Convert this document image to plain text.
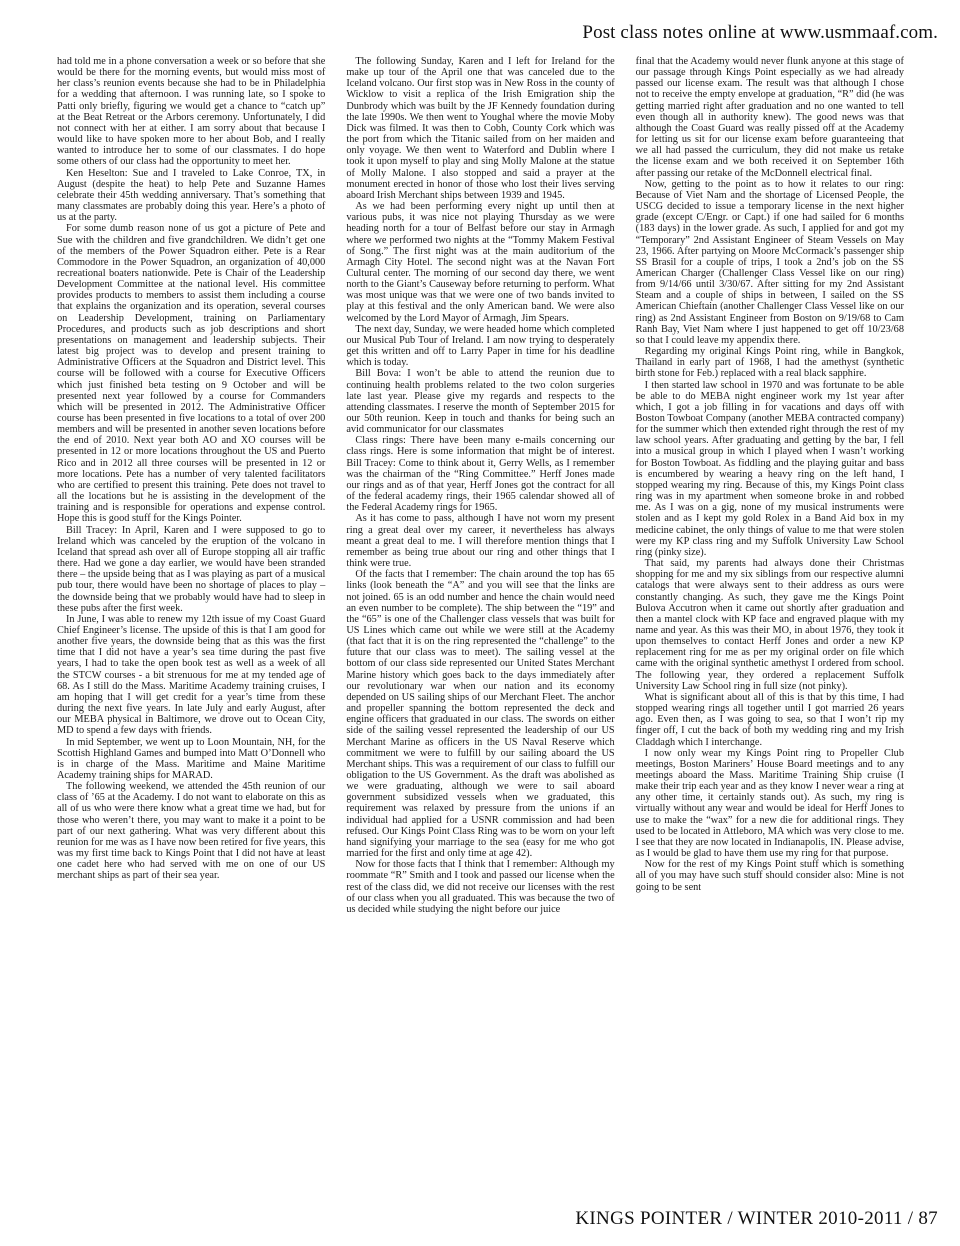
Post class notes online at www.usmmaaf.com.

had told me in a phone conversation a week or so before that she would be there for the morning events, but would miss most of her class’s reunion events because she had to be in Philadelphia for a wedding that afternoon. I was running late, so I spoke to Patti only briefly, figuring we would get a chance to “catch up” at the Beat Retreat or the Arbors ceremony. Unfortunately, I did not connect with her at either. I am sorry about that because I would like to have spoken more to her about Bob, and I really wanted to introduce her to some of our classmates. I do hope some others of our class had the opportunity to meet her.

Ken Heselton: Sue and I traveled to Lake Conroe, TX, in August (despite the heat) to help Pete and Suzanne Hames celebrate their 45th wedding anniversary. That’s something that many classmates are probably doing this year. Here’s a photo of us at the party.

For some dumb reason none of us got a picture of Pete and Sue with the children and five grandchildren. We didn’t get one of the members of the Power Squadron either. Pete is a Rear Commodore in the Power Squadron, an organization of 40,000 recreational boaters nationwide. Pete is Chair of the Leadership Development Committee at the national level. His committee provides products to members to assist them including a course that explains the organization and its operation, several courses on Leadership Development, training on Parliamentary Procedures, and products such as job descriptions and short presentations on management and leadership subjects. Their latest big project was to develop and present training to Administrative Officers at the Squadron and District level. This course will be followed with a course for Executive Officers which just finished beta testing on 9 October and will be presented next year followed by a course for Commanders which will be presented in 2012. The Administrative Officer course has been presented in five locations to a total of over 200 members and will be presented in another seven locations before the end of 2010. Next year both AO and XO courses will be presented in 12 or more locations throughout the US and Puerto Rico and in 2012 all three courses will be presented in 12 or more locations. Pete has a number of very talented facilitators who are certified to present this training. Pete does not travel to all the locations but he is assisting in the development of the training and is responsible for operations and expense control. Hope this is good stuff for the Kings Pointer.

Bill Tracey: In April, Karen and I were supposed to go to Ireland which was canceled by the eruption of the volcano in Iceland that spread ash over all of Europe stopping all air traffic there. Had we gone a day earlier, we would have been stranded there – the upside being that as I was playing as part of a musical pub tour, there would have been no shortage of places to play – the downside being that we probably would have had to sleep in these pubs after the first week.

In June, I was able to renew my 12th issue of my Coast Guard Chief Engineer’s license. The upside of this is that I am good for another five years, the downside being that as this was the first time that I did not have a year’s sea time during the past five years, I had to take the open book test as well as a week of all the STCW courses - a bit strenuous for me at my tended age of 68. As I still do the Mass. Maritime Academy training cruises, I am hoping that I will get credit for a year’s time from these during the next five years. In late July and early August, after our MEBA physical in Baltimore, we drove out to Ocean City, MD to spend a few days with friends.

In mid September, we went up to Loon Mountain, NH, for the Scottish Highland Games and bumped into Matt O’Donnell who is in charge of the Mass. Maritime and Maine Maritime Academy training ships for MARAD.

The following weekend, we attended the 45th reunion of our class of ’65 at the Academy. I do not want to elaborate on this as all of us who were there know what a great time we had, but for those who weren’t there, you may want to make it a point to be part of our next gathering. What was very different about this reunion for me was as I have now been retired for five years, this was my first time back to Kings Point that I did not have at least one cadet here who had served with me on one of our US merchant ships as part of their sea year.

The following Sunday, Karen and I left for Ireland for the make up tour of the April one that was canceled due to the Iceland volcano. Our first stop was in New Ross in the county of Wicklow to visit a replica of the Irish Emigration ship the Dunbrody which was built by the JF Kennedy foundation during the late 1990s. We then went to Youghal where the movie Moby Dick was filmed. It was then to Cobh, County Cork which was the port from which the Titanic sailed from on her maiden and only voyage. We then went to Waterford and Dublin where I took it upon myself to play and sing Molly Malone at the statue of Molly Malone. I also stopped and said a prayer at the monument erected in honor of those who lost their lives serving aboard Irish Merchant ships between 1939 and 1945.

As we had been performing every night up until then at various pubs, it was nice not playing Thursday as we were heading north for a tour of Belfast before our stay in Armagh where we performed two nights at the “Tommy Makem Festival of Song.” The first night was at the main auditorium of the Armagh City Hotel. The second night was at the Navan Fort Cultural center. The morning of our second day there, we went north to the Giant’s Causeway before returning to perform. What was most unique was that we were one of two bands invited to play at this festival and the only American band. We were also welcomed by the Lord Mayor of Armagh, Jim Spears.

The next day, Sunday, we were headed home which completed our Musical Pub Tour of Ireland. I am now trying to desperately get this written and off to Larry Paper in time for his deadline which is today.

Bill Bova: I won’t be able to attend the reunion due to continuing health problems related to the two colon surgeries late last year. Please give my regards and respects to the attending classmates. I reserve the month of September 2015 for our 50th reunion. Keep in touch and thanks for being such an avid communicator for our classmates

Class rings: There have been many e-mails concerning our class rings. Here is some information that might be of interest. Bill Tracey: Come to think about it, Gerry Wells, as I remember was the chairman of the “Ring Committee.” Herff Jones made our rings and as of that year, Herff Jones got the contract for all of the federal academy rings, their 1965 calendar showed all of the Federal Academy rings for 1965.

As it has come to pass, although I have not worn my present ring a great deal over my career, it nevertheless has always meant a great deal to me. I will therefore mention things that I remember as being true about our ring and other things that I think were true.

Of the facts that I remember: The chain around the top has 65 links (look beneath the “A” and you will see that the links are not joined. 65 is an odd number and hence the chain would need an even number to be complete). The ship between the “19” and the “65” is one of the Challenger class vessels that was built for US Lines which came out while we were still at the Academy (that fact that it is on the ring represented the “challenge” to the future that our class was to meet). The sailing vessel at the bottom of our class side represented our United States Merchant Marine history which goes back to the days immediately after our revolutionary war when our nation and its economy depended on US sailing ships of our Merchant Fleet. The anchor and propeller spanning the bottom represented the deck and engine officers that graduated in our class. The swords on either side of the sailing vessel represented the leadership of our US Merchant Marine as officers in the US Naval Reserve which commitment we were to fulfill by our sailing aboard the US Merchant ships. This was a requirement of our class to fulfill our obligation to the US Government. As the draft was abolished as we were graduating, although we were to sail aboard government subsidized vessels when we graduated, this requirement was relaxed by pressure from the unions if an individual had applied for a USNR commission and had been refused. Our Kings Point Class Ring was to be worn on your left hand signifying your marriage to the sea (easy for me who got married for the first and only time at age 42).

Now for those facts that I think that I remember: Although my roommate “R” Smith and I took and passed our license when the rest of the class did, we did not receive our licenses with the rest of our class when you all graduated. This was because the two of us decided while studying the night before our juice

final that the Academy would never flunk anyone at this stage of our passage through Kings Point especially as we had already passed our license exam. The result was that although I chose not to receive the empty envelope at graduation, “R” did (he was getting married right after graduation and no one wanted to tell even though all in authority knew). The good news was that although the Coast Guard was really pissed off at the Academy for letting us sit for our license exam before guaranteeing that we all had passed the curriculum, they did not make us retake the license exam and we both received it on September 16th after passing our retake of the McDonnell electrical final.

Now, getting to the point as to how it relates to our ring: Because of Viet Nam and the shortage of Licensed People, the USCG decided to issue a temporary license in the next higher grade (except C/Engr. or Capt.) if one had sailed for 6 months (183 days) in the lower grade. As such, I applied for and got my “Temporary” 2nd Assistant Engineer of Steam Vessels on May 23, 1966. After partying on Moore McCormack’s passenger ship SS Brasil for a couple of trips, I took a 2nd’s job on the SS American Charger (Challenger Class Vessel like on our ring) from 9/14/66 until 3/30/67. After sitting for my 2nd Assistant Steam and a couple of ships in between, I sailed on the SS American Chieftain (another Challenger Class Vessel like on our ring) as 2nd Assistant Engineer from Boston on 9/19/68 to Cam Ranh Bay, Viet Nam where I just happened to get off 10/23/68 so that I could leave my appendix there.

Regarding my original Kings Point ring, while in Bangkok, Thailand in early part of 1968, I had the amethyst (synthetic birth stone for Feb.) replaced with a real black sapphire.

I then started law school in 1970 and was fortunate to be able be able to do MEBA night engineer work my 1st year after which, I got a job filling in for vacations and days off with Boston Towboat Company (another MEBA contracted company) for the summer which then extended right through the rest of my law school years. After graduating and getting by the bar, I fell into a musical group in which I played when I wasn’t working for Boston Towboat. As fiddling and the playing guitar and bass is encumbered by wearing a heavy ring on the left hand, I stopped wearing my ring. Because of this, my Kings Point class ring was in my apartment when someone broke in and robbed me. As I was on a gig, none of my musical instruments were stolen and as I kept my gold Rolex in a Band Aid box in my medicine cabinet, the only things of value to me that were stolen were my KP class ring and my Suffolk University Law School ring (pinky size).

That said, my parents had always done their Christmas shopping for me and my six siblings from our respective alumni catalogs that were always sent to their address as ours were constantly changing. As such, they gave me the Kings Point Bulova Accutron when it came out shortly after graduation and then a mantel clock with KP face and engraved plaque with my name and year. As this was their MO, in about 1976, they took it upon themselves to contact Herff Jones and order a new KP replacement ring for me as per my original order on file which came with the original synthetic amethyst I ordered from school. The following year, they ordered a replacement Suffolk University Law School ring in full size (not pinky).

What is significant about all of this is that by this time, I had stopped wearing rings all together until I got married 26 years ago. Even then, as I was going to sea, so that I won’t rip my finger off, I cut the back of both my wedding ring and my Irish Claddagh which I interchange.

I now only wear my Kings Point ring to Propeller Club meetings, Boston Mariners’ House Board meetings and to any meetings aboard the Mass. Maritime Training Ship cruise (I make their trip each year and as they know I never wear a ring at any other time, it certainly stands out). As such, my ring is virtually without any wear and would be ideal for Herff Jones to use to make the “wax” for a new die for additional rings. They used to be located in Attleboro, MA which was very close to me. I see that they are now located in Indianapolis, IN. Please advise, as I would be glad to have them use my ring for that purpose.

Now for the rest of my Kings Point stuff which is something all of you may have such stuff should consider also: Mine is not going to be sent

KINGS POINTER / WINTER 2010-2011 / 87
